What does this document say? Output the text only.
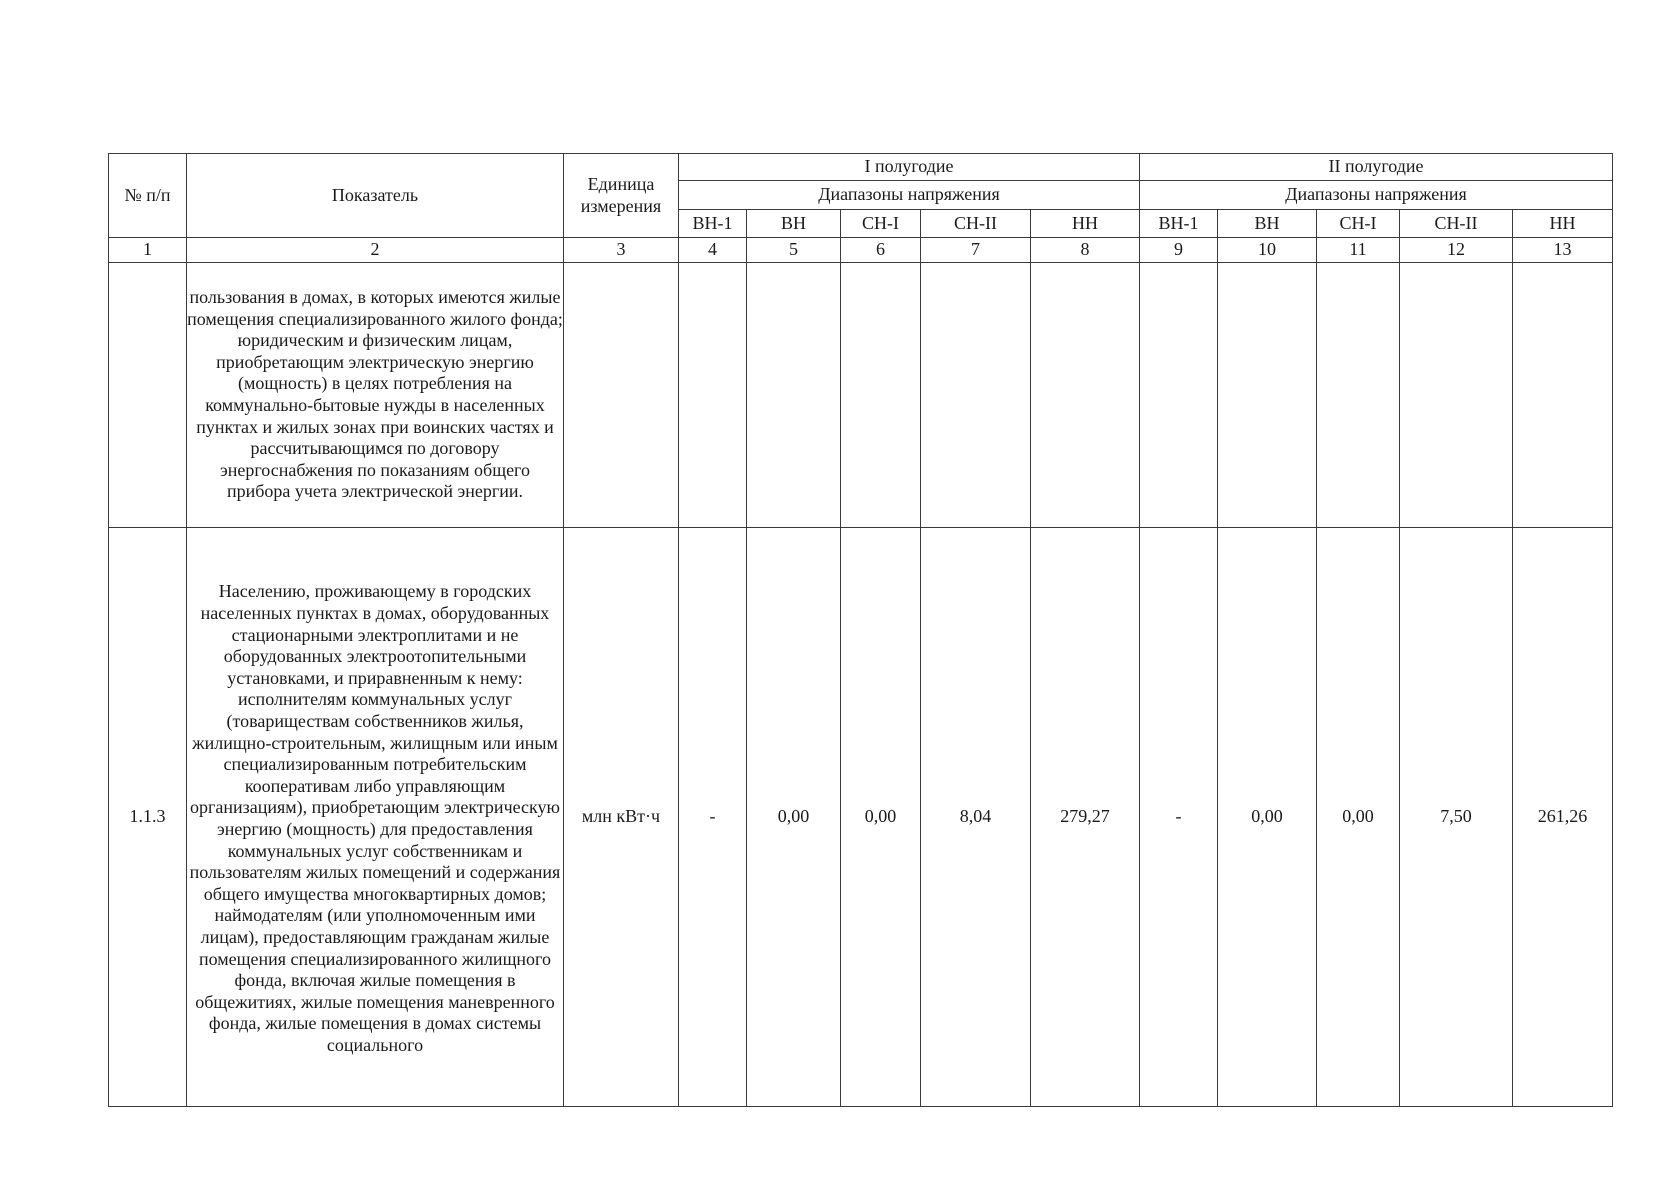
№ п/п	Показатель	Единица измерения	I полугодие					II полугодие				
			Диапазоны напряжения					Диапазоны напряжения				
			ВН-1	ВН	СН-I	СН-II	НН	ВН-1	ВН	СН-I	СН-II	НН
1	2	3	4	5	6	7	8	9	10	11	12	13
	пользования в домах, в которых имеются жилые помещения специализированного жилого фонда; юридическим и физическим лицам, приобретающим электрическую энергию (мощность) в целях потребления на коммунально-бытовые нужды в населенных пунктах и жилых зонах при воинских частях и рассчитывающимся по договору энергоснабжения по показаниям общего прибора учета электрической энергии.											
1.1.3	Населению, проживающему в городских населенных пунктах в домах, оборудованных стационарными электроплитами и не оборудованных электроотопительными установками, и приравненным к нему: исполнителям коммунальных услуг (товариществам собственников жилья, жилищно-строительным, жилищным или иным специализированным потребительским кооперативам либо управляющим организациям), приобретающим электрическую энергию (мощность) для предоставления коммунальных услуг собственникам и пользователям жилых помещений и содержания общего имущества многоквартирных домов; наймодателям (или уполномоченным ими лицам), предоставляющим гражданам жилые помещения специализированного жилищного фонда, включая жилые помещения в общежитиях, жилые помещения маневренного фонда, жилые помещения в домах системы социального	млн кВт·ч	-	0,00	0,00	8,04	279,27	-	0,00	0,00	7,50	261,26
